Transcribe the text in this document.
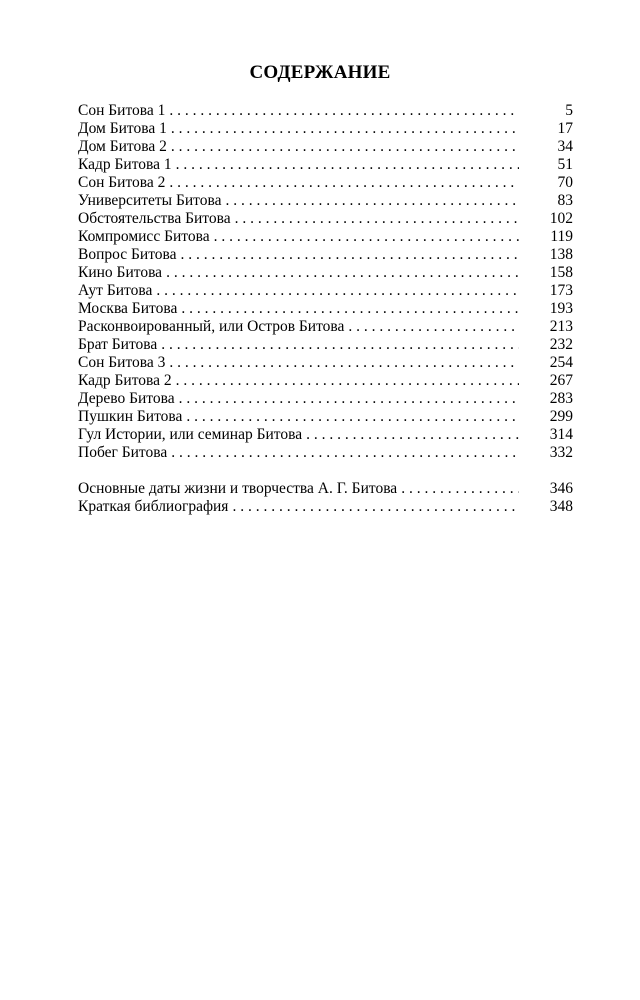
СОДЕРЖАНИЕ
Сон Битова 1 . . .	5
Дом Битова 1 . . .	17
Дом Битова 2 . . .	34
Кадр Битова 1 . . .	51
Сон Битова 2 . . .	70
Университеты Битова . . .	83
Обстоятельства Битова . . .	102
Компромисс Битова . . .	119
Вопрос Битова . . .	138
Кино Битова . . .	158
Аут Битова . . .	173
Москва Битова . . .	193
Расконвоированный, или Остров Битова . . .	213
Брат Битова . . .	232
Сон Битова 3 . . .	254
Кадр Битова 2 . . .	267
Дерево Битова . . .	283
Пушкин Битова . . .	299
Гул Истории, или семинар Битова . . .	314
Побег Битова . . .	332
Основные даты жизни и творчества А. Г. Битова . . .	346
Краткая библиография . . .	348
